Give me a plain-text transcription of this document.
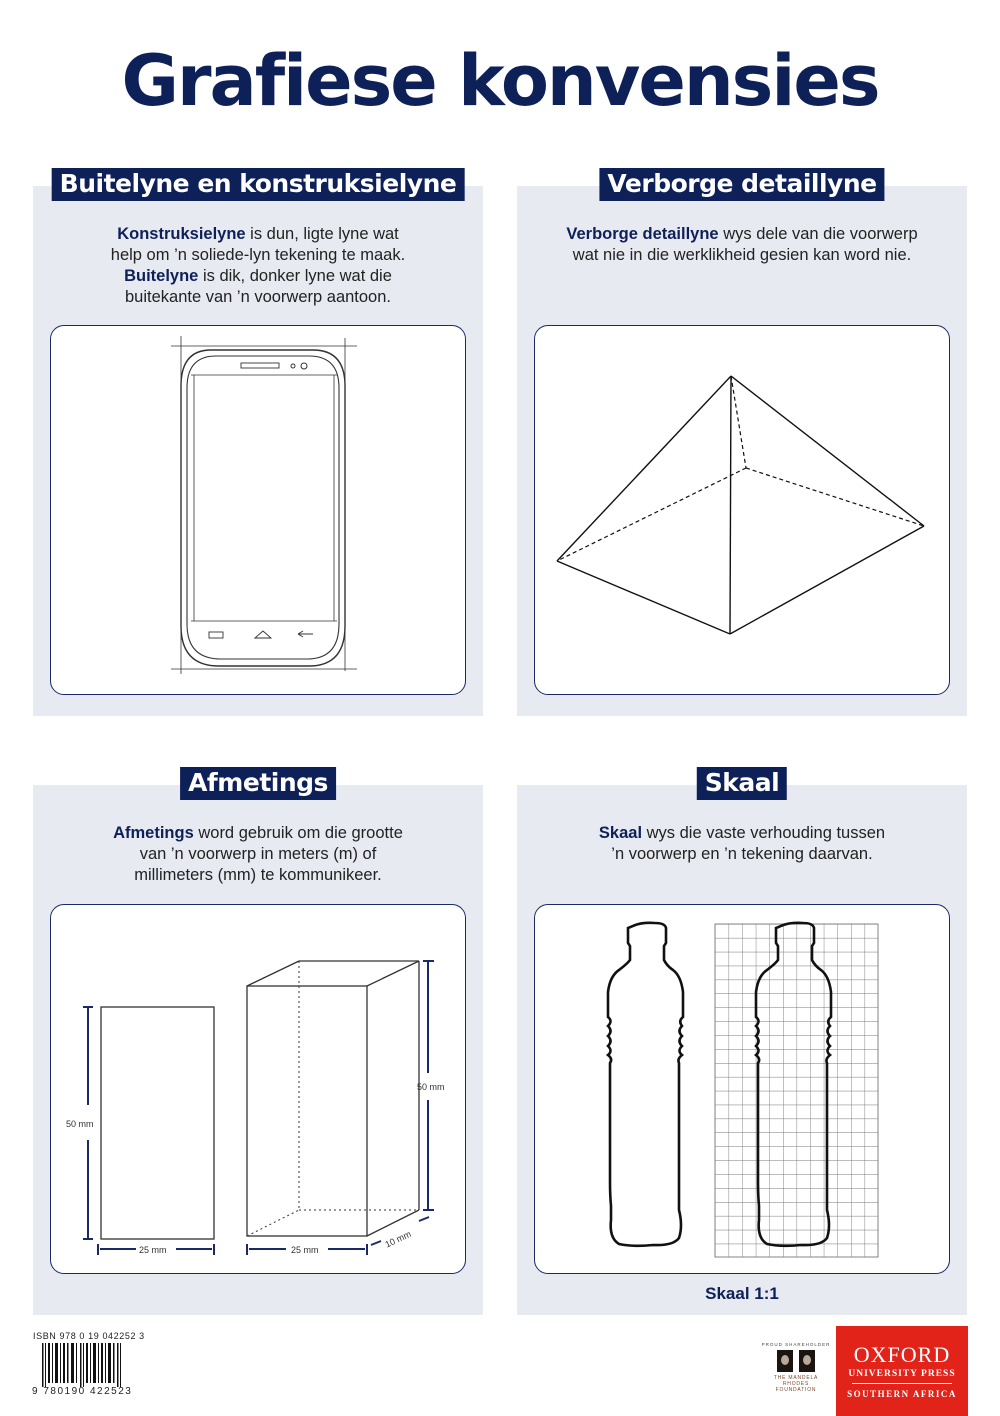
Grafiese konvensies
Buitelyne en konstruksielyne
Konstruksielyne is dun, ligte lyne wat
help om ’n soliede-lyn tekening te maak.
Buitelyne is dik, donker lyne wat die
buitekante van ’n voorwerp aantoon.
Verborge detaillyne
Verborge detaillyne wys dele van die voorwerp
wat nie in die werklikheid gesien kan word nie.
Afmetings
Afmetings word gebruik om die grootte
van ’n voorwerp in meters (m) of
millimeters (mm) te kommunikeer.
50 mm
25 mm
50 mm
25 mm
10 mm
Skaal
Skaal wys die vaste verhouding tussen
’n voorwerp en ’n tekening daarvan.
Skaal 1:1
ISBN 978 0 19 042252 3
9 780190 422523
PROUD SHAREHOLDER
THE MANDELA RHODES
FOUNDATION
OXFORD
UNIVERSITY PRESS
SOUTHERN AFRICA
